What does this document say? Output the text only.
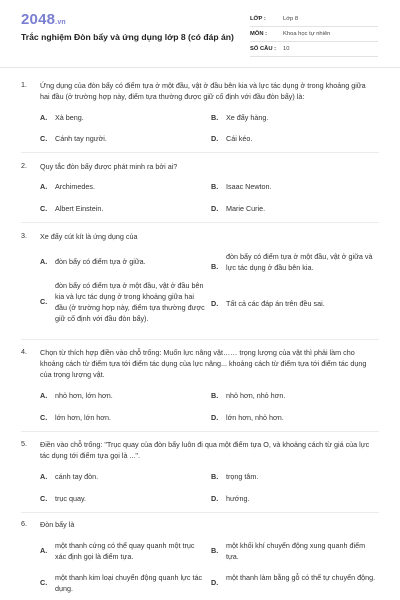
2048.vn
Trắc nghiệm Đòn bẩy và ứng dụng lớp 8 (có đáp án)
LỚP :	Lớp 8
MÔN :	Khoa học tự nhiên
SỐ CÂU :	10
1. Ứng dụng của đòn bẩy có điểm tựa ở một đầu, vật ở đầu bên kia và lực tác dụng ở trong khoảng giữa hai đầu (ở trường hợp này, điểm tựa thường được giữ cố định với đầu đòn bẩy) là:
A. Xà beng.	B. Xe đẩy hàng.
C. Cánh tay người.	D. Cái kéo.
2. Quy tắc đòn bẩy được phát minh ra bởi ai?
A. Archimedes.	B. Isaac Newton.
C. Albert Einstein.	D. Marie Curie.
3. Xe đẩy cút kít là ứng dụng của
A. đòn bẩy có điểm tựa ở giữa.
B.
đòn bẩy có điểm tựa ở một đầu, vật ở giữa và lực tác dụng ở đầu bên kia.
C.
đòn bẩy có điểm tựa ở một đầu, vật ở đầu bên kia và lực tác dụng ở trong khoảng giữa hai đầu (ở trường hợp này, điểm tựa thường được giữ cố định với đầu đòn bẩy).
D. Tất cả các đáp án trên đều sai.
4. Chọn từ thích hợp điền vào chỗ trống: Muốn lực nâng vật…… trọng lượng của vật thì phải làm cho khoảng cách từ điểm tựa tới điểm tác dụng của lực nâng... khoảng cách từ điểm tựa tới điểm tác dụng của trọng lượng vật.
A. nhỏ hơn, lớn hơn.	B. nhỏ hơn, nhỏ hơn.
C. lớn hơn, lớn hơn.	D. lớn hơn, nhỏ hơn.
5. Điền vào chỗ trống: "Trục quay của đòn bẩy luôn đi qua một điểm tựa O, và khoảng cách từ giá của lực tác dụng tới điểm tựa gọi là ...".
A. cánh tay đòn.	B. trọng tâm.
C. trục quay.	D. hướng.
6. Đòn bẩy là
A.
một thanh cứng có thể quay quanh một trục xác định gọi là điểm tựa.
B.
một khối khí chuyển động xung quanh điểm tựa.
C.
một thanh kim loại chuyển động quanh lực tác dụng.
D.
một thanh làm bằng gỗ có thể tự chuyển động.
